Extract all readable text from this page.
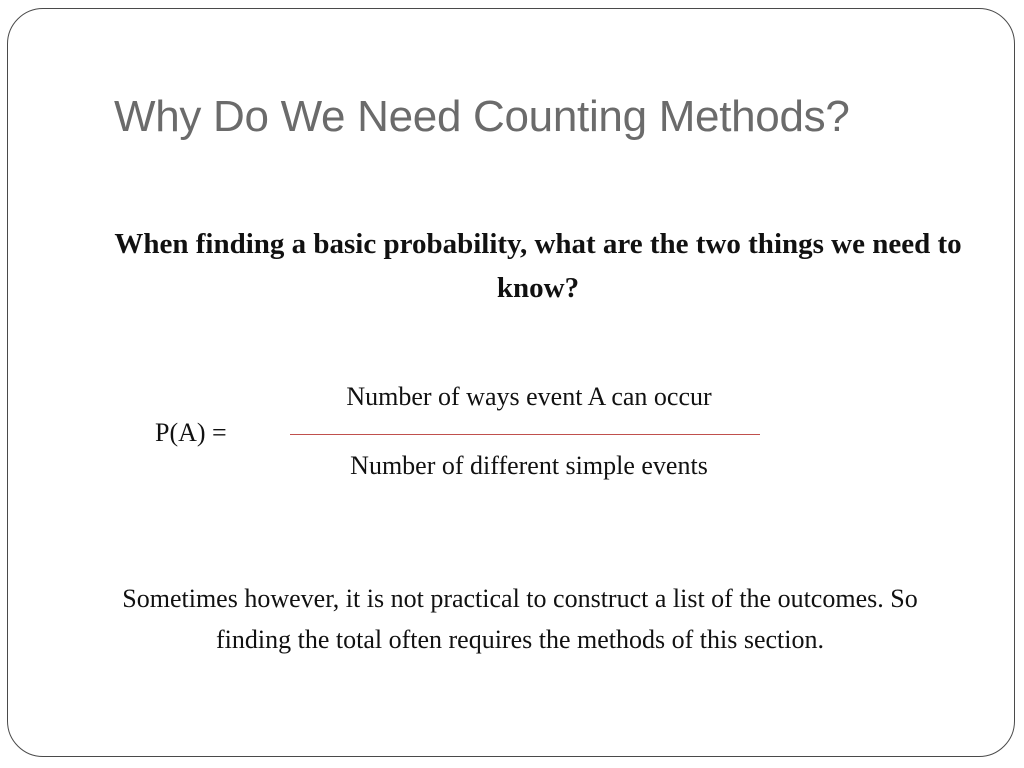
Why Do We Need Counting Methods?
When finding a basic probability, what are the two things we need to know?
P(A) =
Number of ways event A can occur
Number of different simple events
Sometimes however, it is not practical to construct a list of the outcomes. So finding the total often requires the methods of this section.
